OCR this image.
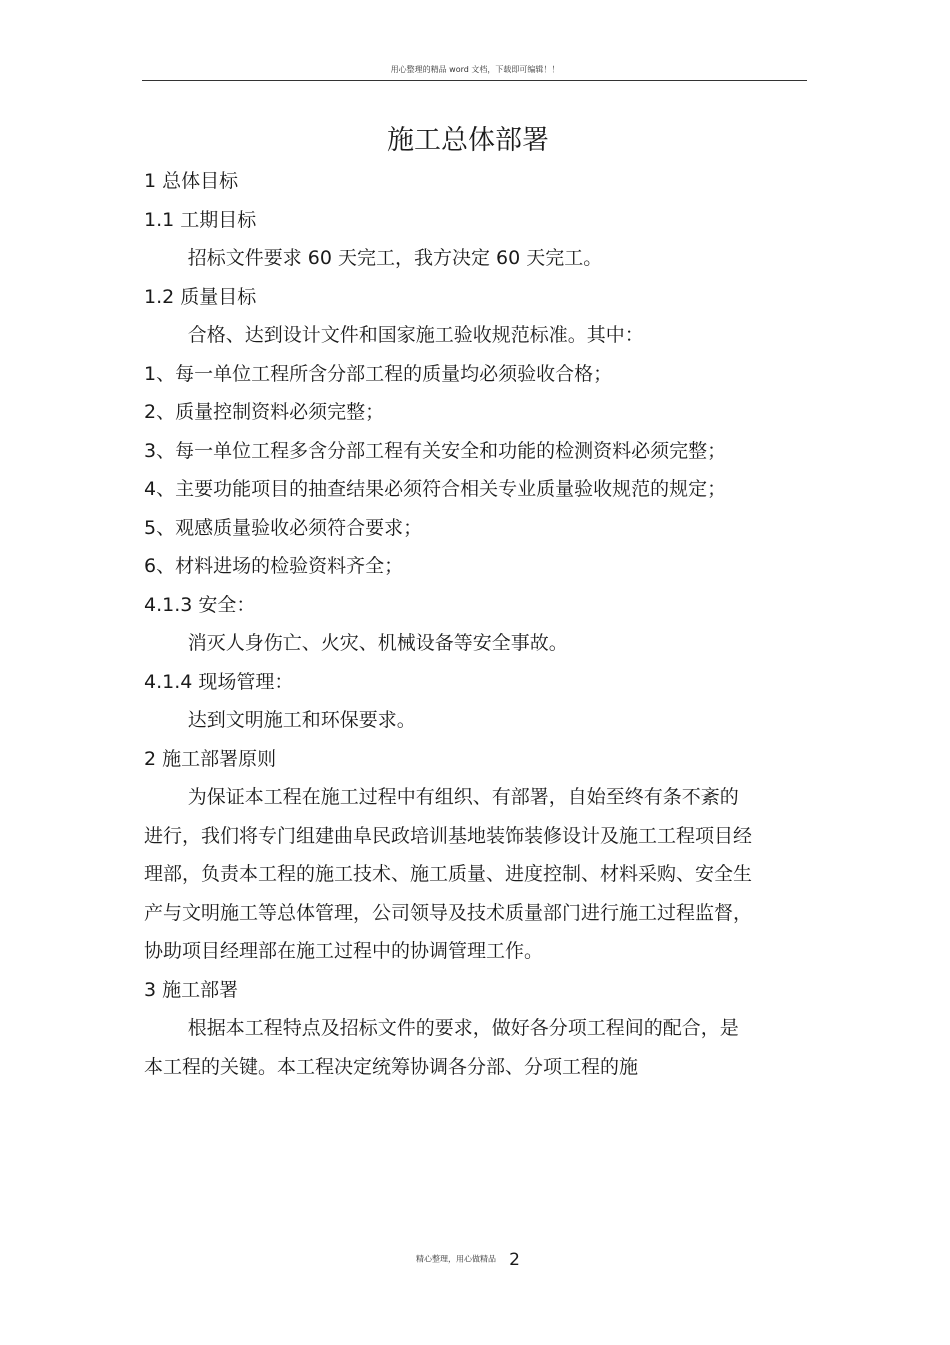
用心整理的精品 word 文档，下载即可编辑！！
施工总体部署

1 总体目标

1.1 工期目标

招标文件要求 60 天完工，我方决定 60 天完工。

1.2 质量目标

合格、达到设计文件和国家施工验收规范标准。其中：

1、每一单位工程所含分部工程的质量均必须验收合格；

2、质量控制资料必须完整；

3、每一单位工程多含分部工程有关安全和功能的检测资料必须完整；

4、主要功能项目的抽查结果必须符合相关专业质量验收规范的规定；

5、观感质量验收必须符合要求；

6、材料进场的检验资料齐全；

4.1.3 安全：

消灭人身伤亡、火灾、机械设备等安全事故。

4.1.4 现场管理：

达到文明施工和环保要求。

2 施工部署原则

为保证本工程在施工过程中有组织、有部署，自始至终有条不紊的进行，我们将专门组建曲阜民政培训基地装饰装修设计及施工工程项目经理部，负责本工程的施工技术、施工质量、进度控制、材料采购、安全生产与文明施工等总体管理，公司领导及技术质量部门进行施工过程监督，协助项目经理部在施工过程中的协调管理工作。

3 施工部署

根据本工程特点及招标文件的要求，做好各分项工程间的配合，是本工程的关键。本工程决定统筹协调各分部、分项工程的施

精心整理，用心做精品 2
